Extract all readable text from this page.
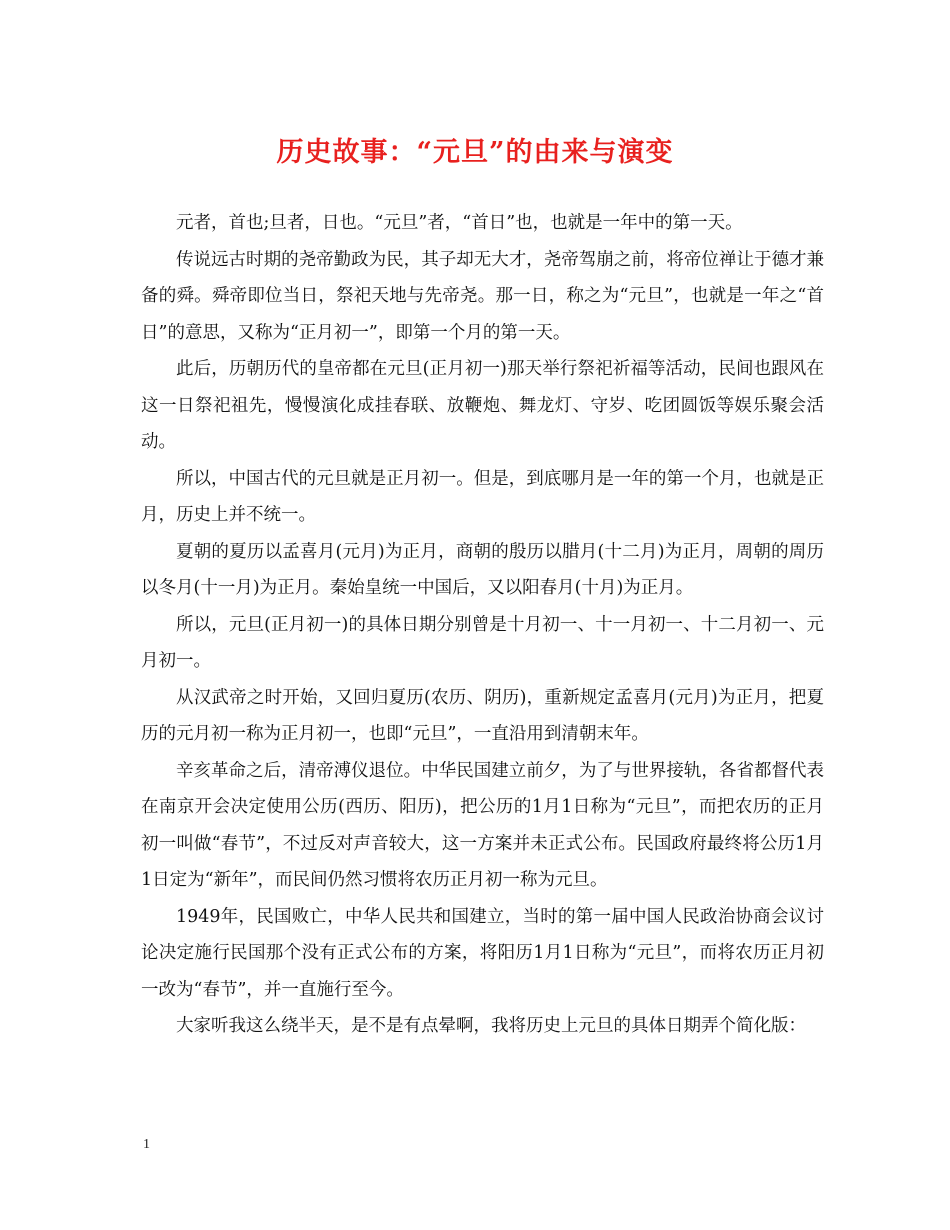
历史故事：“元旦”的由来与演变

元者，首也;旦者，日也。“元旦”者，“首日”也，也就是一年中的第一天。

传说远古时期的尧帝勤政为民，其子却无大才，尧帝驾崩之前，将帝位禅让于德才兼备的舜。舜帝即位当日，祭祀天地与先帝尧。那一日，称之为“元旦”，也就是一年之“首日”的意思，又称为“正月初一”，即第一个月的第一天。

此后，历朝历代的皇帝都在元旦(正月初一)那天举行祭祀祈福等活动，民间也跟风在这一日祭祀祖先，慢慢演化成挂春联、放鞭炮、舞龙灯、守岁、吃团圆饭等娱乐聚会活动。

所以，中国古代的元旦就是正月初一。但是，到底哪月是一年的第一个月，也就是正月，历史上并不统一。

夏朝的夏历以孟喜月(元月)为正月，商朝的殷历以腊月(十二月)为正月，周朝的周历以冬月(十一月)为正月。秦始皇统一中国后，又以阳春月(十月)为正月。

所以，元旦(正月初一)的具体日期分别曾是十月初一、十一月初一、十二月初一、元月初一。

从汉武帝之时开始，又回归夏历(农历、阴历)，重新规定孟喜月(元月)为正月，把夏历的元月初一称为正月初一，也即“元旦”，一直沿用到清朝末年。

辛亥革命之后，清帝溥仪退位。中华民国建立前夕，为了与世界接轨，各省都督代表在南京开会决定使用公历(西历、阳历)，把公历的1月1日称为“元旦”，而把农历的正月初一叫做“春节”，不过反对声音较大，这一方案并未正式公布。民国政府最终将公历1月1日定为“新年”，而民间仍然习惯将农历正月初一称为元旦。

1949年，民国败亡，中华人民共和国建立，当时的第一届中国人民政治协商会议讨论决定施行民国那个没有正式公布的方案，将阳历1月1日称为“元旦”，而将农历正月初一改为“春节”，并一直施行至今。

大家听我这么绕半天，是不是有点晕啊，我将历史上元旦的具体日期弄个简化版：

1
